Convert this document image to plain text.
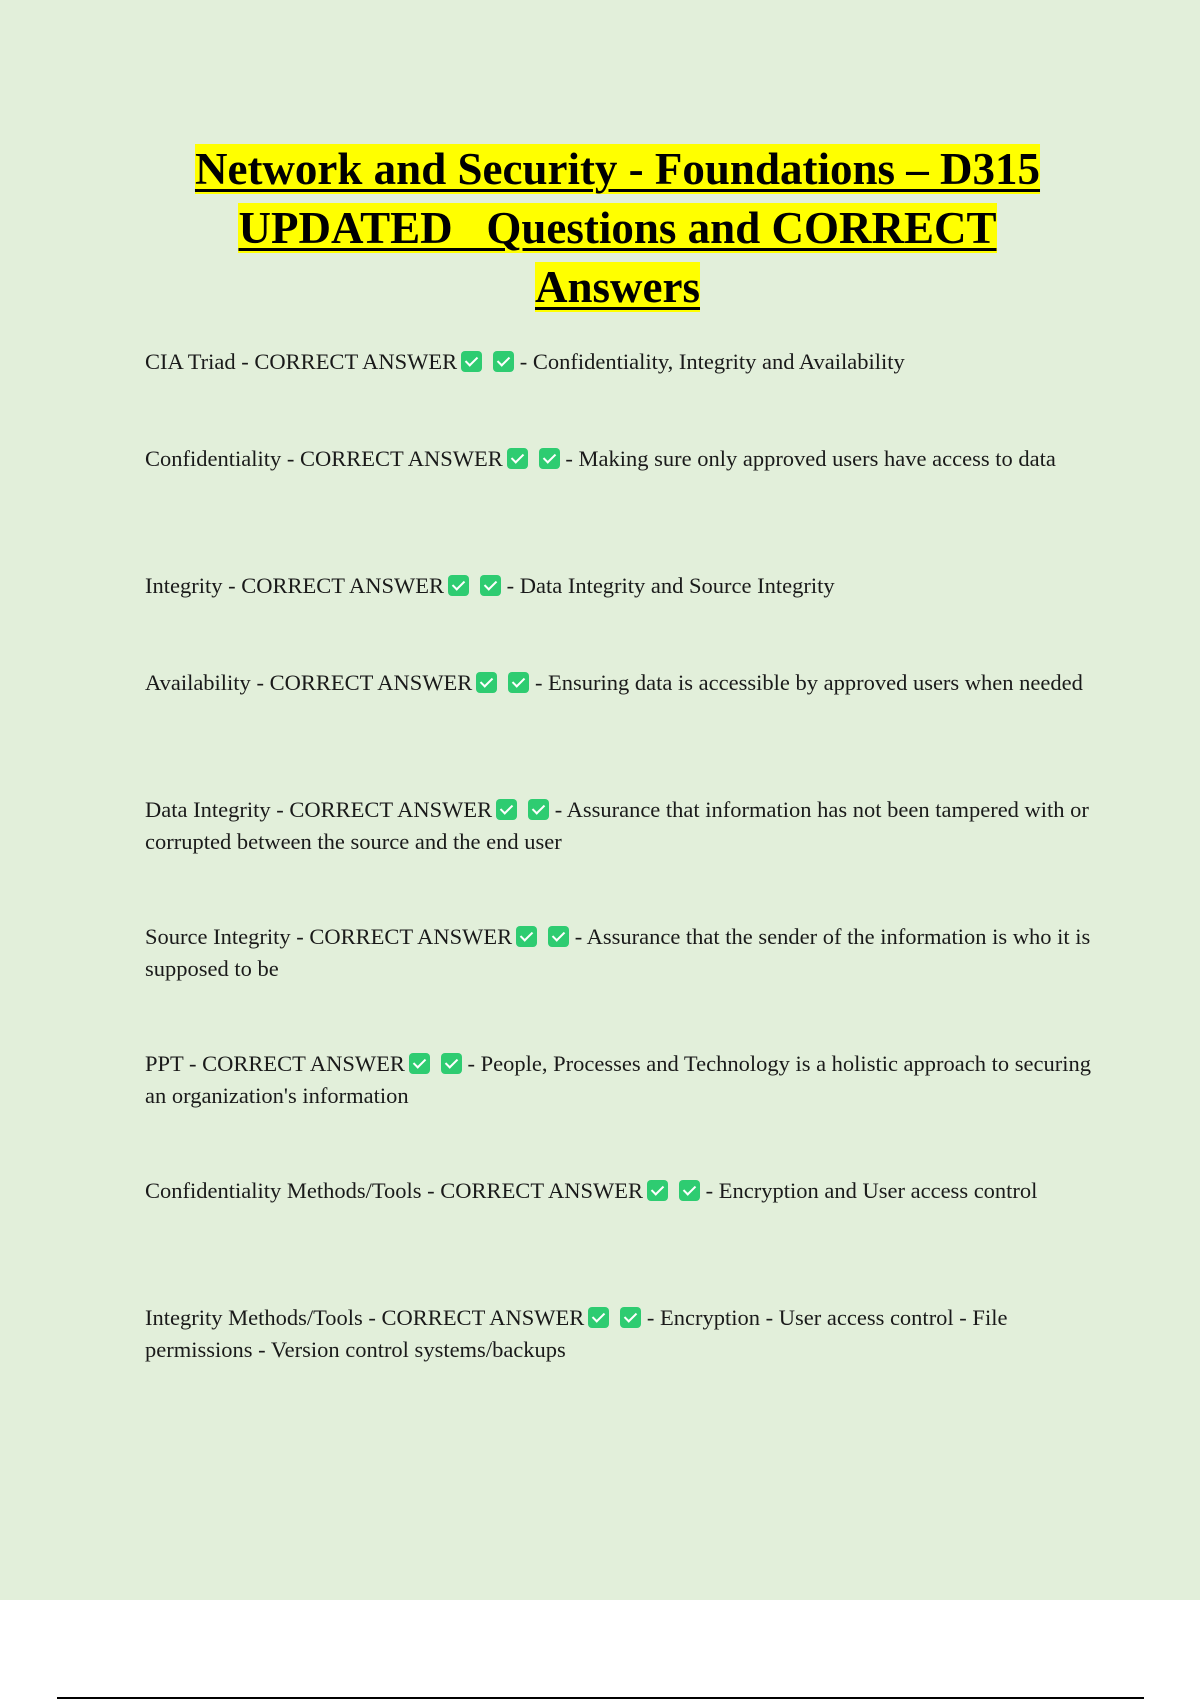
Network and Security - Foundations – D315
UPDATED   Questions and CORRECT
Answers
CIA Triad - CORRECT ANSWER	- Confidentiality, Integrity and Availability
Confidentiality - CORRECT ANSWER	- Making sure only approved users have access to data
Integrity - CORRECT ANSWER	- Data Integrity and Source Integrity
Availability - CORRECT ANSWER	- Ensuring data is accessible by approved users when needed
Data Integrity - CORRECT ANSWER	- Assurance that information has not been tampered with or corrupted between the source and the end user
Source Integrity - CORRECT ANSWER	- Assurance that the sender of the information is who it is supposed to be
PPT - CORRECT ANSWER	- People, Processes and Technology is a holistic approach to securing an organization's information
Confidentiality Methods/Tools - CORRECT ANSWER	- Encryption and User access control
Integrity Methods/Tools - CORRECT ANSWER	- Encryption - User access control - File permissions - Version control systems/backups
